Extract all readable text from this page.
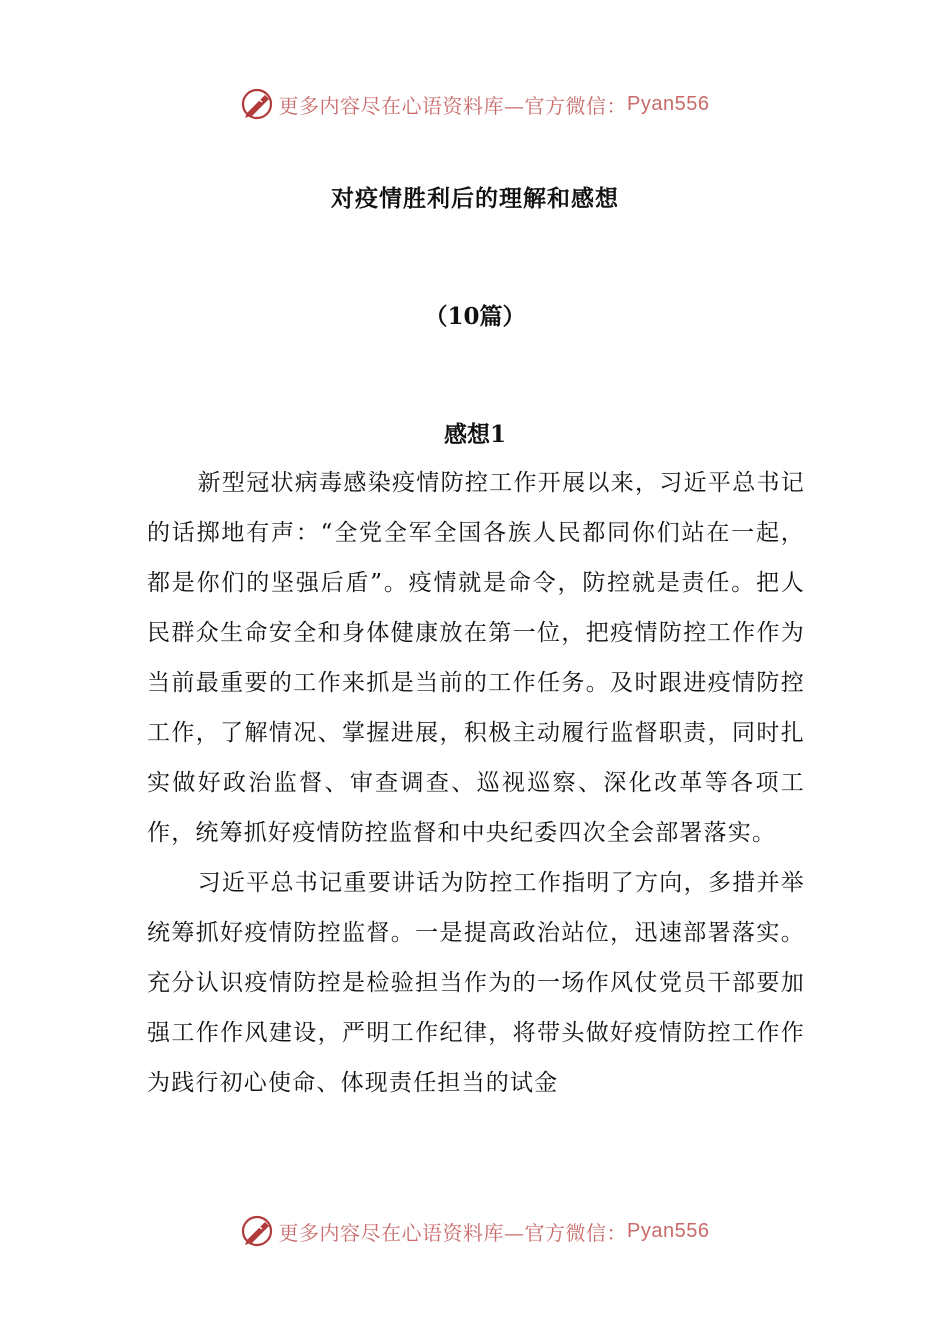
更多内容尽在心语资料库—官方微信： Pyan556
对疫情胜利后的理解和感想
（10篇）
感想1

新型冠状病毒感染疫情防控工作开展以来，习近平总书记的话掷地有声：“全党全军全国各族人民都同你们站在一起，都是你们的坚强后盾”。疫情就是命令，防控就是责任。把人民群众生命安全和身体健康放在第一位，把疫情防控工作作为当前最重要的工作来抓是当前的工作任务。及时跟进疫情防控工作，了解情况、掌握进展，积极主动履行监督职责，同时扎实做好政治监督、审查调查、巡视巡察、深化改革等各项工作，统筹抓好疫情防控监督和中央纪委四次全会部署落实。

习近平总书记重要讲话为防控工作指明了方向，多措并举统筹抓好疫情防控监督。一是提高政治站位，迅速部署落实。充分认识疫情防控是检验担当作为的一场作风仗党员干部要加强工作作风建设，严明工作纪律，将带头做好疫情防控工作作为践行初心使命、体现责任担当的试金

更多内容尽在心语资料库—官方微信： Pyan556
